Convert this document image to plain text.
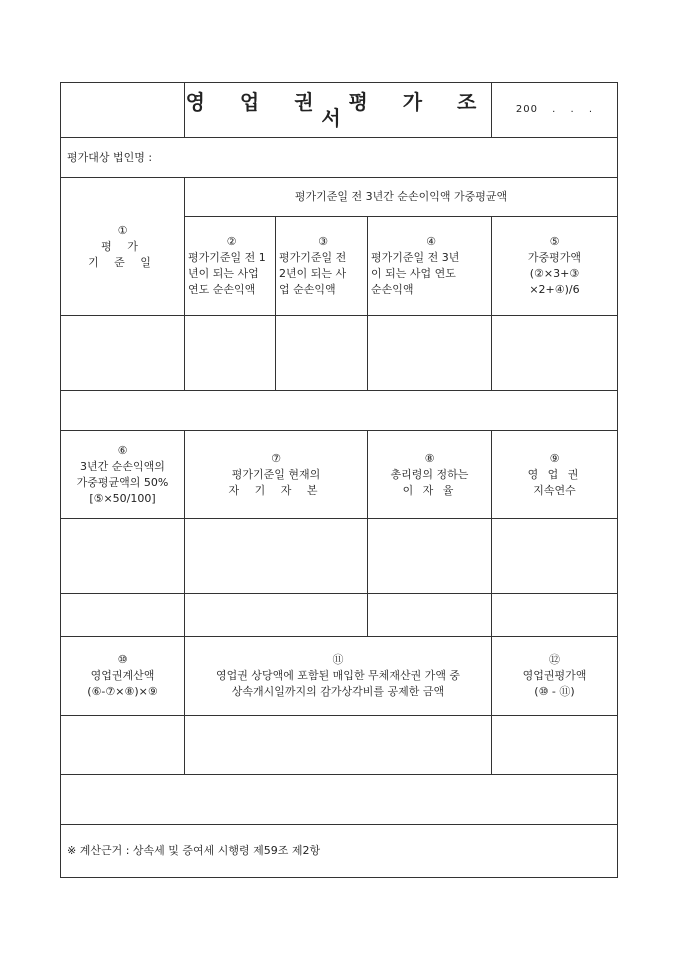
영 업 권 평 가 조 서	200 . . .
평가대상 법인명 :
①
평 가
기 준 일
평가기준일 전 3년간 순손이익액 가중평균액
②
평가기준일 전 1
년이 되는 사업
연도 순손익액
③
평가기준일 전
2년이 되는 사
업 순손익액
④
평가기준일 전 3년
이 되는 사업 연도
순손익액
⑤
가중평가액
(②×3+③
×2+④)/6
⑥
3년간 순손익액의
가중평균액의 50%
[⑤×50/100]
⑦
평가기준일 현재의
자 기 자 본
⑧
총리령의 정하는
이 자 율
⑨
영 업 권
지속연수
⑩
영업권계산액
(⑥-⑦×⑧)×⑨
⑪
영업권 상당액에 포함된 매입한 무체재산권 가액 중
상속개시일까지의 감가상각비를 공제한 금액
⑫
영업권평가액
(⑩ - ⑪)
※ 계산근거 : 상속세 및 증여세 시행령 제59조 제2항
